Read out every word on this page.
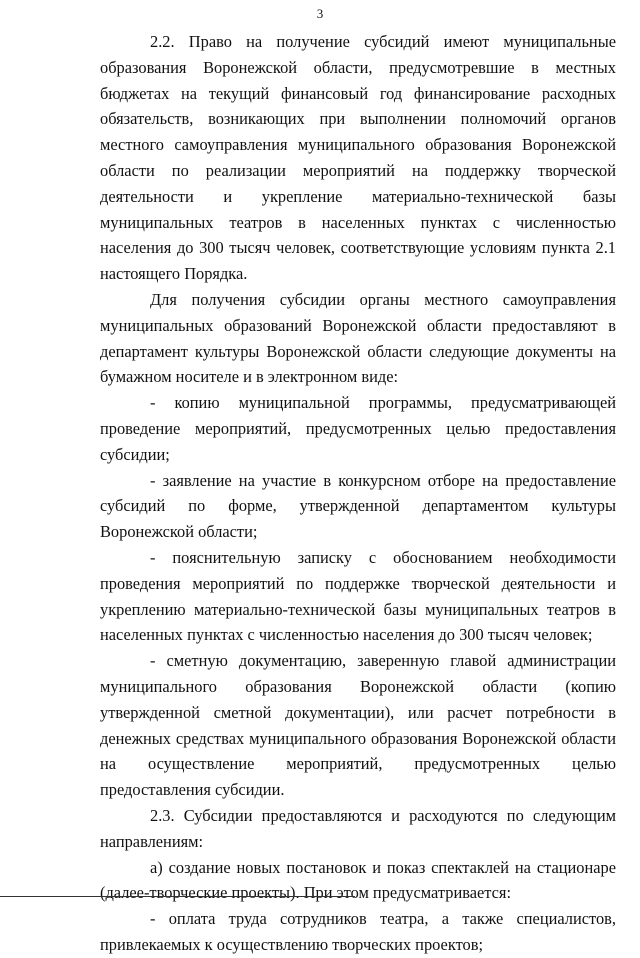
3

2.2. Право на получение субсидий имеют муниципальные образования Воронежской области, предусмотревшие в местных бюджетах на текущий финансовый год финансирование расходных обязательств, возникающих при выполнении полномочий органов местного самоуправления муниципального образования Воронежской области по реализации мероприятий на поддержку творческой деятельности и укрепление материально-технической базы муниципальных театров в населенных пунктах с численностью населения до 300 тысяч человек, соответствующие условиям пункта 2.1 настоящего Порядка.

Для получения субсидии органы местного самоуправления муниципальных образований Воронежской области предоставляют в департамент культуры Воронежской области следующие документы на бумажном носителе и в электронном виде:

- копию муниципальной программы, предусматривающей проведение мероприятий, предусмотренных целью предоставления субсидии;

- заявление на участие в конкурсном отборе на предоставление субсидий по форме, утвержденной департаментом культуры Воронежской области;

- пояснительную записку с обоснованием необходимости проведения мероприятий по поддержке творческой деятельности и укреплению материально-технической базы муниципальных театров в населенных пунктах с численностью населения до 300 тысяч человек;

- сметную документацию, заверенную главой администрации муниципального образования Воронежской области (копию утвержденной сметной документации), или расчет потребности в денежных средствах муниципального образования Воронежской области на осуществление мероприятий, предусмотренных целью предоставления субсидии.

2.3. Субсидии предоставляются и расходуются по следующим направлениям:

а) создание новых постановок и показ спектаклей на стационаре (далее-творческие проекты). При этом предусматривается:

- оплата труда сотрудников театра, а также специалистов, привлекаемых к осуществлению творческих проектов;
